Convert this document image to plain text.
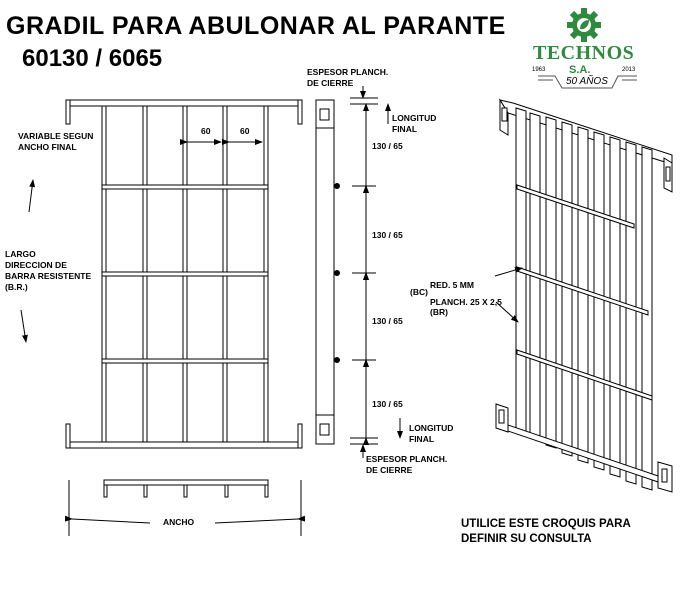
GRADIL PARA ABULONAR AL PARANTE
60130 / 6065	TECHNOS
S.A.
1963	2013
50 AÑOS
VARIABLE SEGUN
ANCHO FINAL
60	60
LARGO
DIRECCION DE
BARRA RESISTENTE
(B.R.)
ANCHO
ESPESOR PLANCH.
DE CIERRE
LONGITUD
FINAL
130 / 65
130 / 65
130 / 65
130 / 65
LONGITUD
FINAL
ESPESOR PLANCH.
DE CIERRE
(BC)
RED. 5 MM
PLANCH. 25 X 2,5
(BR)
UTILICE ESTE CROQUIS PARA
DEFINIR SU CONSULTA
